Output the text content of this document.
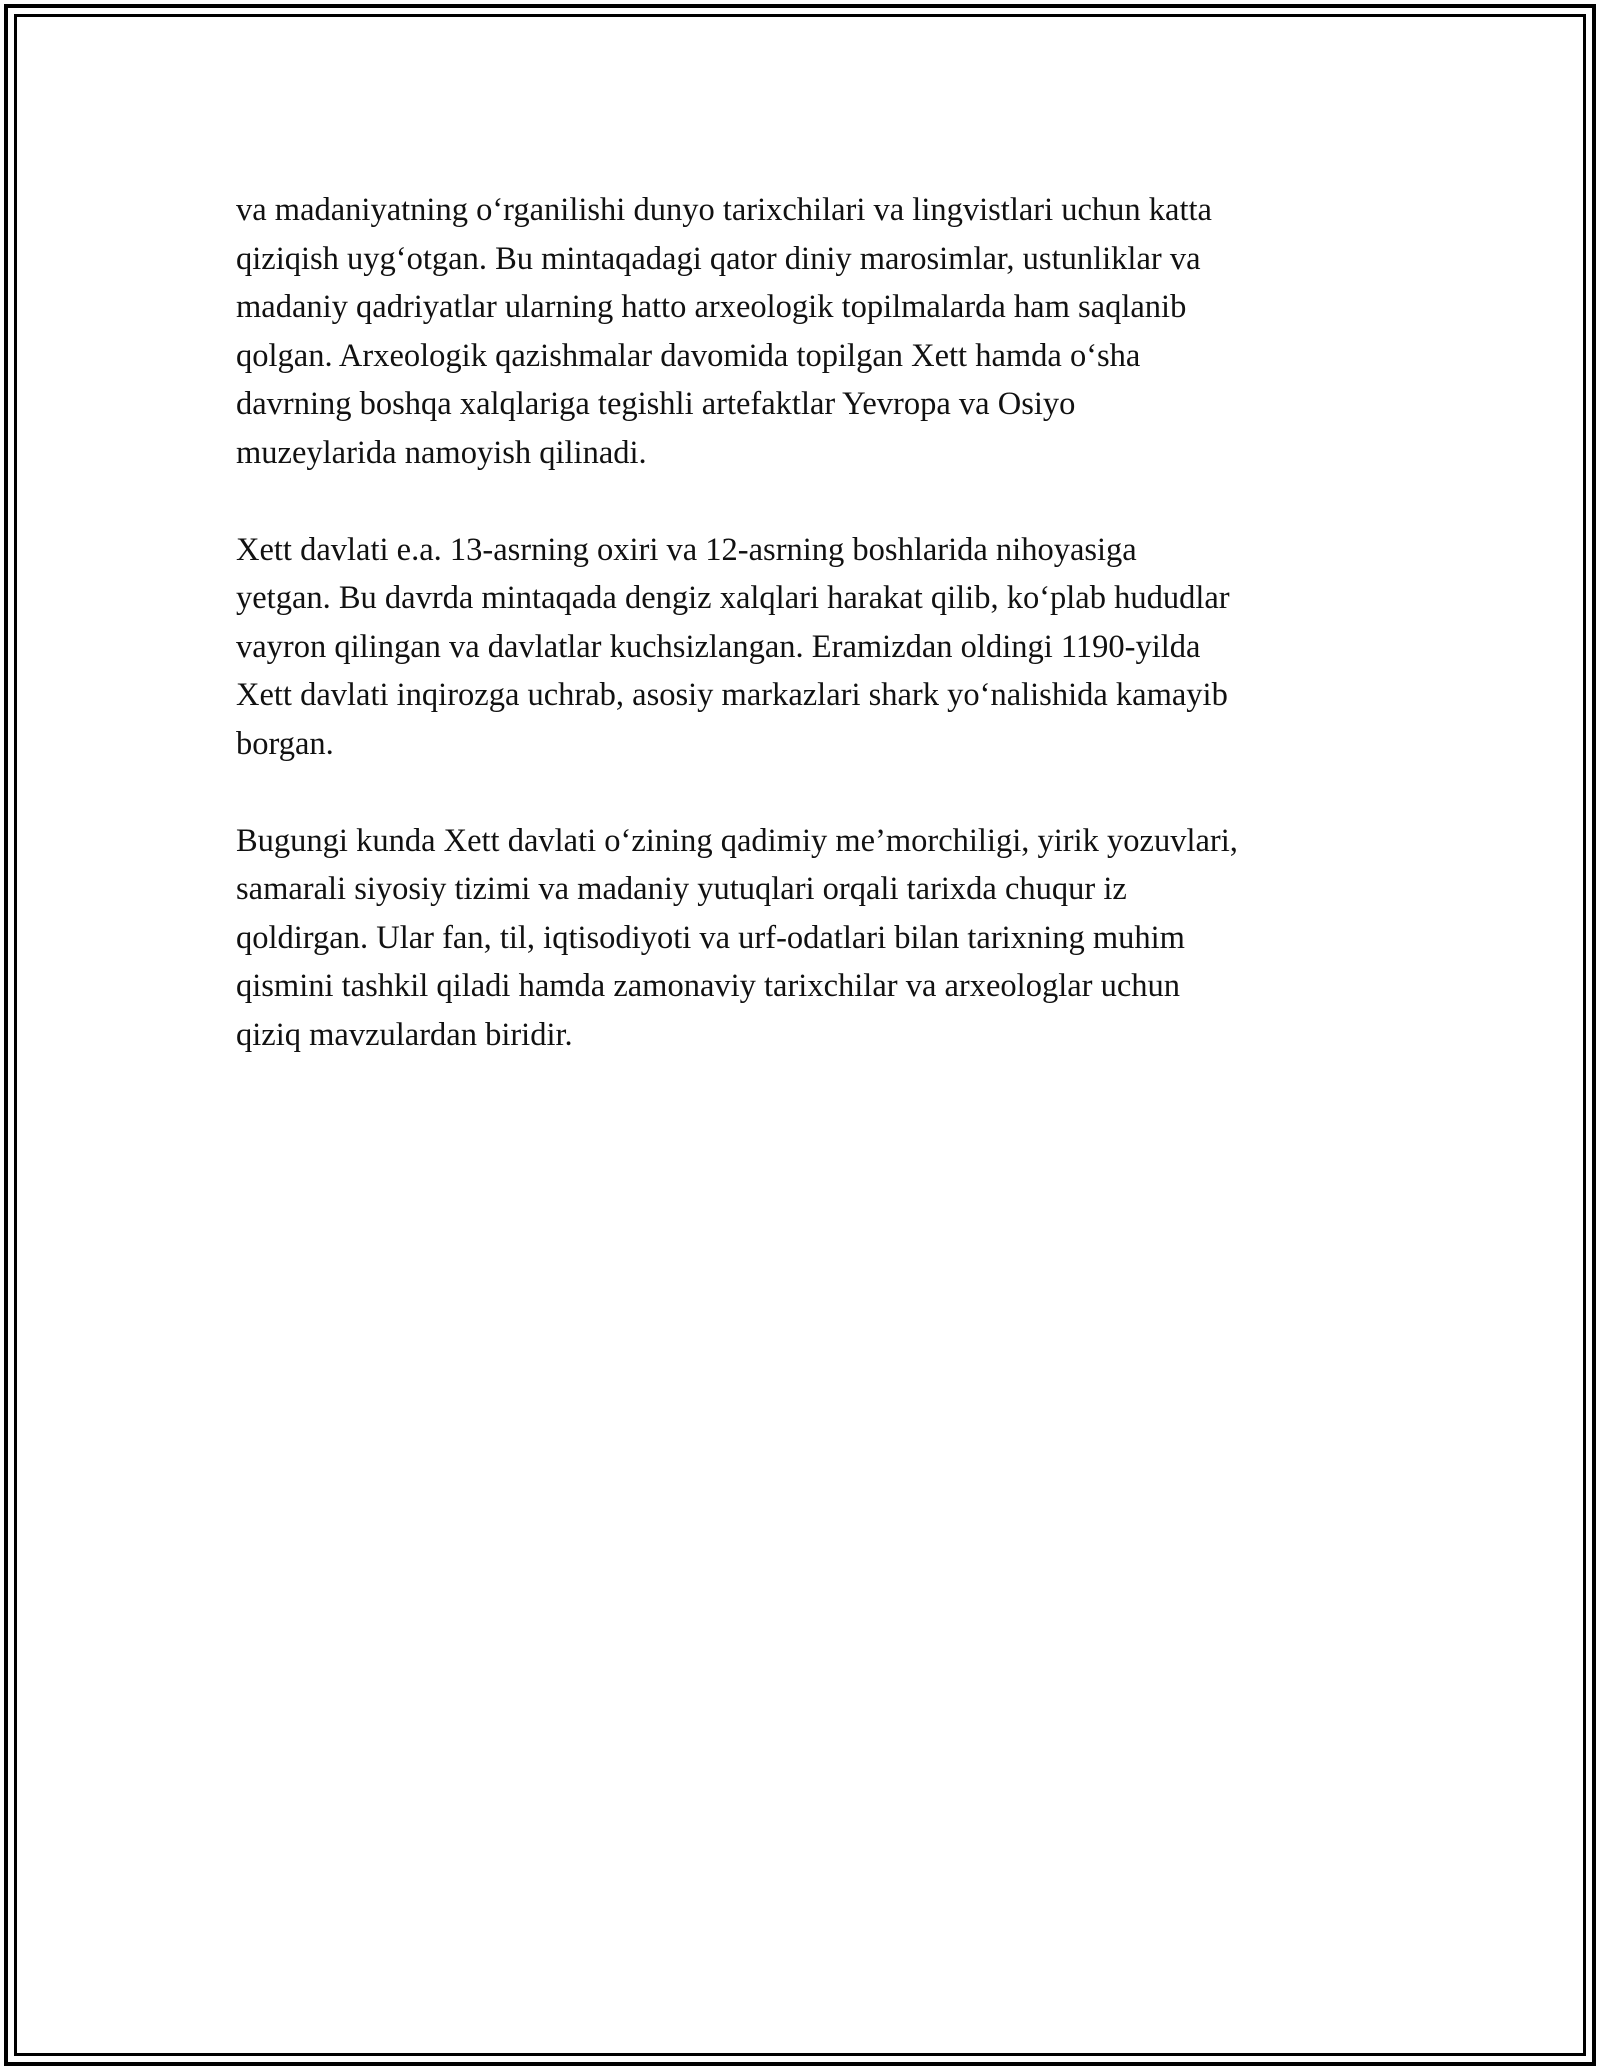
va madaniyatning o‘rganilishi dunyo tarixchilari va lingvistlari uchun katta
qiziqish uyg‘otgan. Bu mintaqadagi qator diniy marosimlar, ustunliklar va
madaniy qadriyatlar ularning hatto arxeologik topilmalarda ham saqlanib
qolgan. Arxeologik qazishmalar davomida topilgan Xett hamda o‘sha
davrning boshqa xalqlariga tegishli artefaktlar Yevropa va Osiyo
muzeylarida namoyish qilinadi.

Xett davlati e.a. 13-asrning oxiri va 12-asrning boshlarida nihoyasiga
yetgan. Bu davrda mintaqada dengiz xalqlari harakat qilib, ko‘plab hududlar
vayron qilingan va davlatlar kuchsizlangan. Eramizdan oldingi 1190-yilda
Xett davlati inqirozga uchrab, asosiy markazlari shark yo‘nalishida kamayib
borgan.

Bugungi kunda Xett davlati o‘zining qadimiy me’morchiligi, yirik yozuvlari,
samarali siyosiy tizimi va madaniy yutuqlari orqali tarixda chuqur iz
qoldirgan. Ular fan, til, iqtisodiyoti va urf-odatlari bilan tarixning muhim
qismini tashkil qiladi hamda zamonaviy tarixchilar va arxeologlar uchun
qiziq mavzulardan biridir.
